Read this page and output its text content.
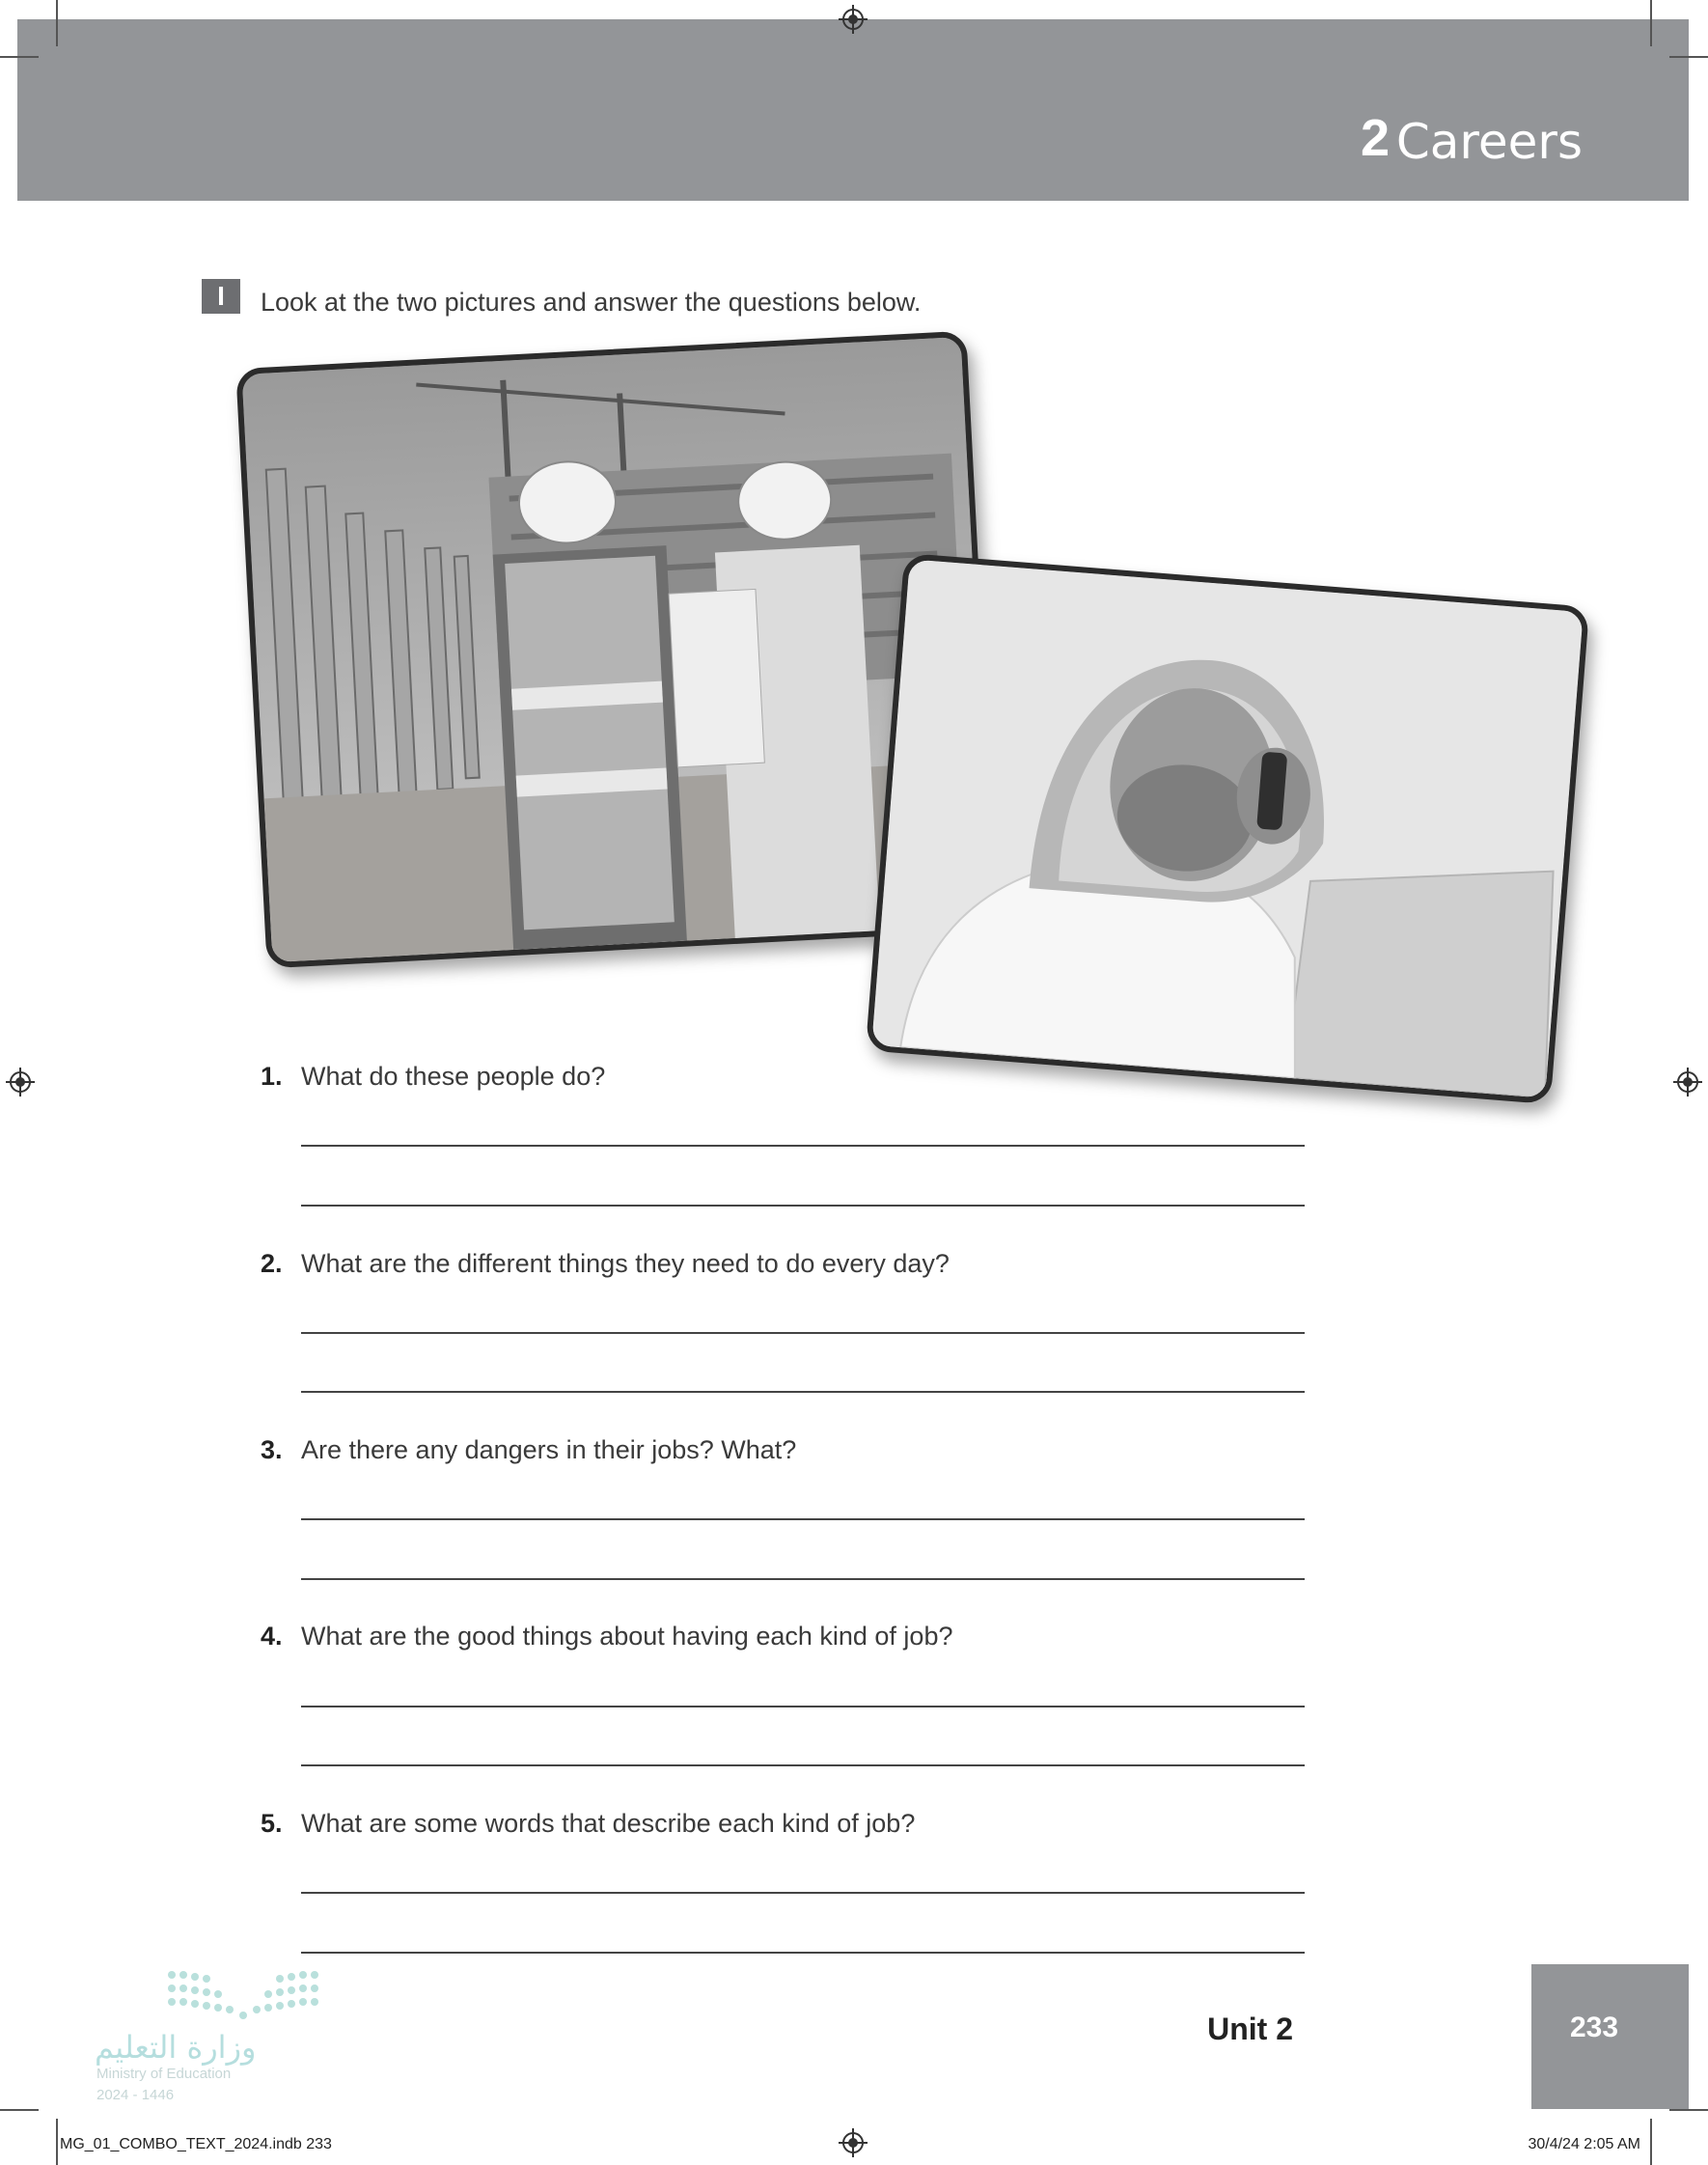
2 Careers
I	Look at the two pictures and answer the questions below.
1. What do these people do?
2. What are the different things they need to do every day?
3. Are there any dangers in their jobs? What?
4. What are the good things about having each kind of job?
5. What are some words that describe each kind of job?
وزارة التعليم
Ministry of Education
2024 - 1446
Unit 2	233
MG_01_COMBO_TEXT_2024.indb 233	30/4/24 2:05 AM
